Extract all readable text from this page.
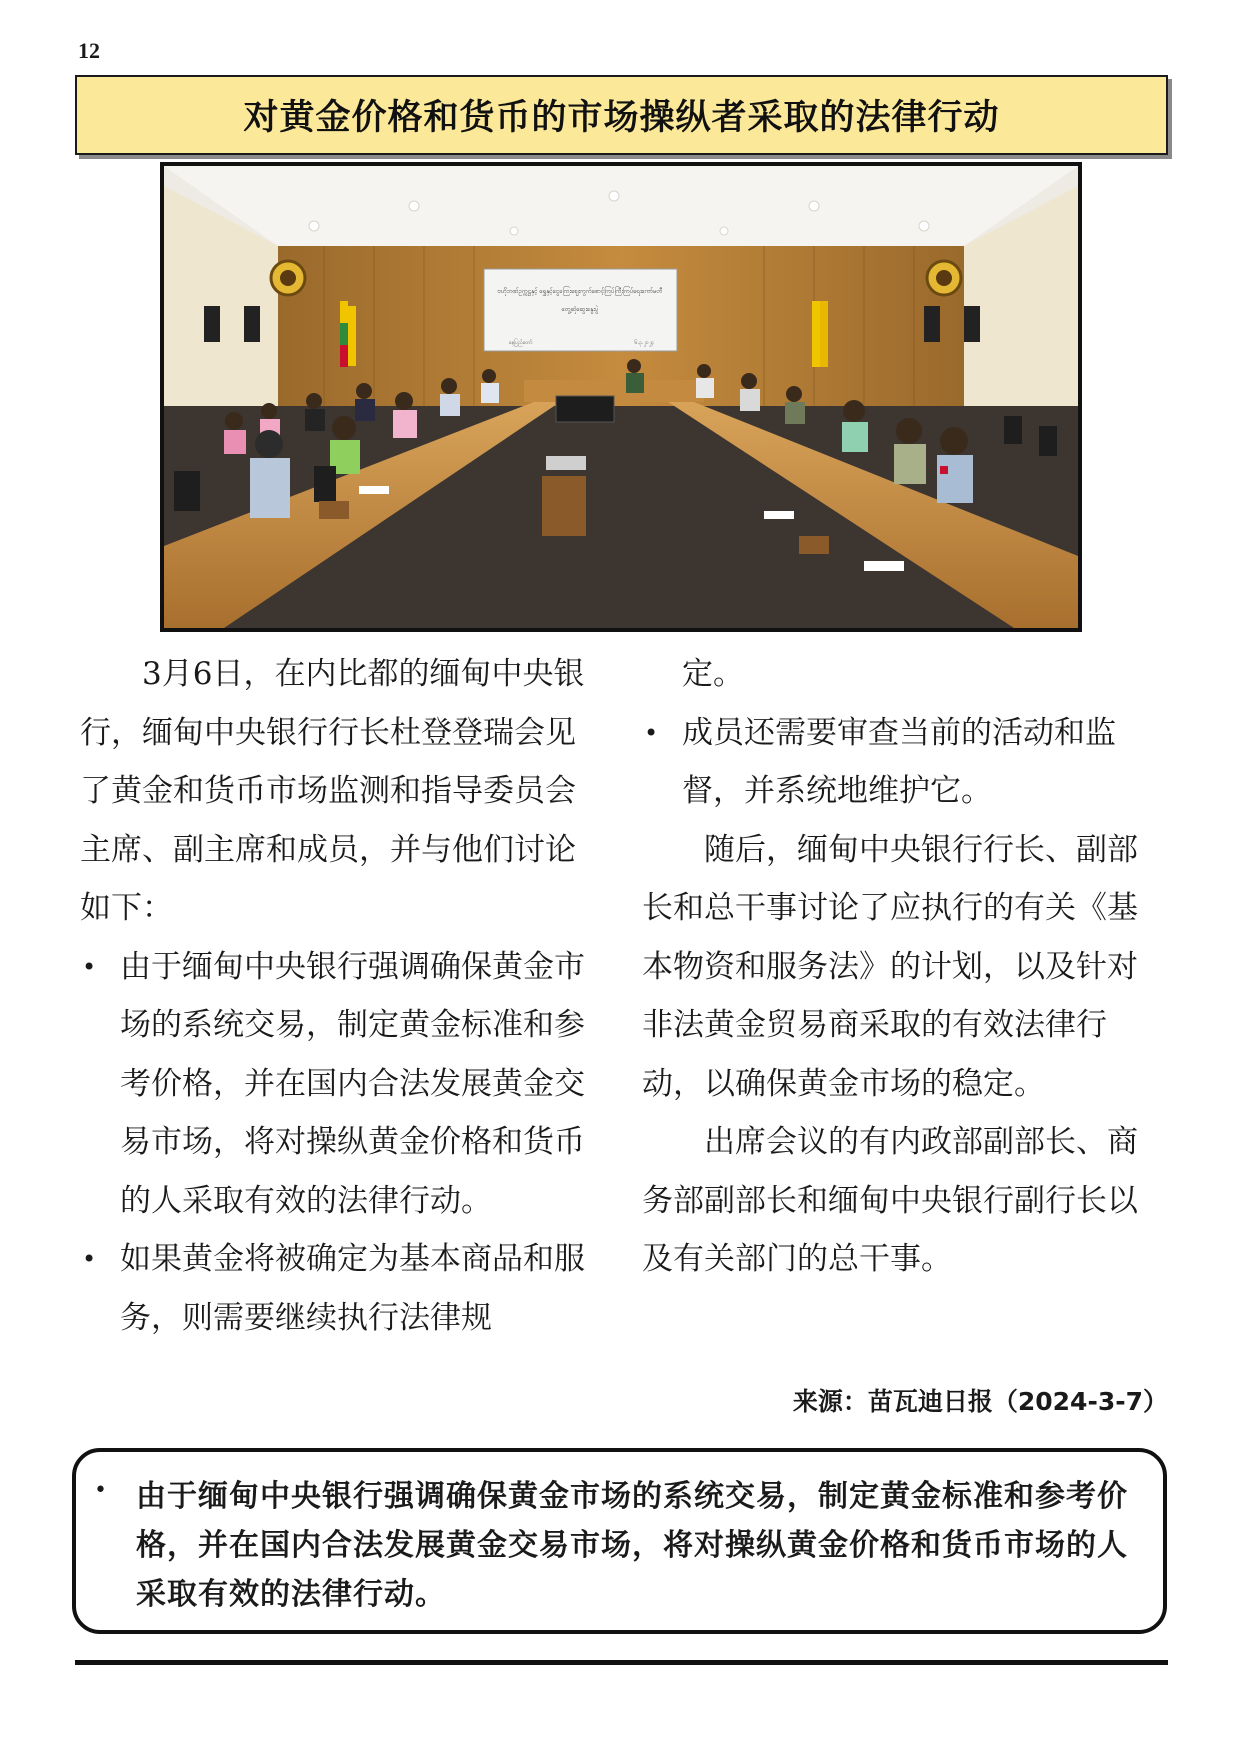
12
对黄金价格和货币的市场操纵者采取的法律行动
ဗဟိုဘဏ်ဥက္ကဋ္ဌနှင့် ရွှေနှင့်ငွေကြေးဈေးကွက်စောင့်ကြပ်ကြီးကြပ်ရေးကော်မတီ
တွေ့ဆုံဆွေးနွေးပွဲ
နေပြည်တော်	၆.၃.၂၀၂၄

3月6日，在内比都的缅甸中央银行，缅甸中央银行行长杜登登瑞会见了黄金和货币市场监测和指导委员会主席、副主席和成员，并与他们讨论如下：

• 由于缅甸中央银行强调确保黄金市场的系统交易，制定黄金标准和参考价格，并在国内合法发展黄金交易市场，将对操纵黄金价格和货币的人采取有效的法律行动。

• 如果黄金将被确定为基本商品和服务，则需要继续执行法律规

定。

• 成员还需要审查当前的活动和监督，并系统地维护它。

随后，缅甸中央银行行长、副部长和总干事讨论了应执行的有关《基本物资和服务法》的计划，以及针对非法黄金贸易商采取的有效法律行动，以确保黄金市场的稳定。

出席会议的有内政部副部长、商务部副部长和缅甸中央银行副行长以及有关部门的总干事。

来源：苗瓦迪日报（2024-3-7）
• 由于缅甸中央银行强调确保黄金市场的系统交易，制定黄金标准和参考价格，并在国内合法发展黄金交易市场，将对操纵黄金价格和货币市场的人采取有效的法律行动。
